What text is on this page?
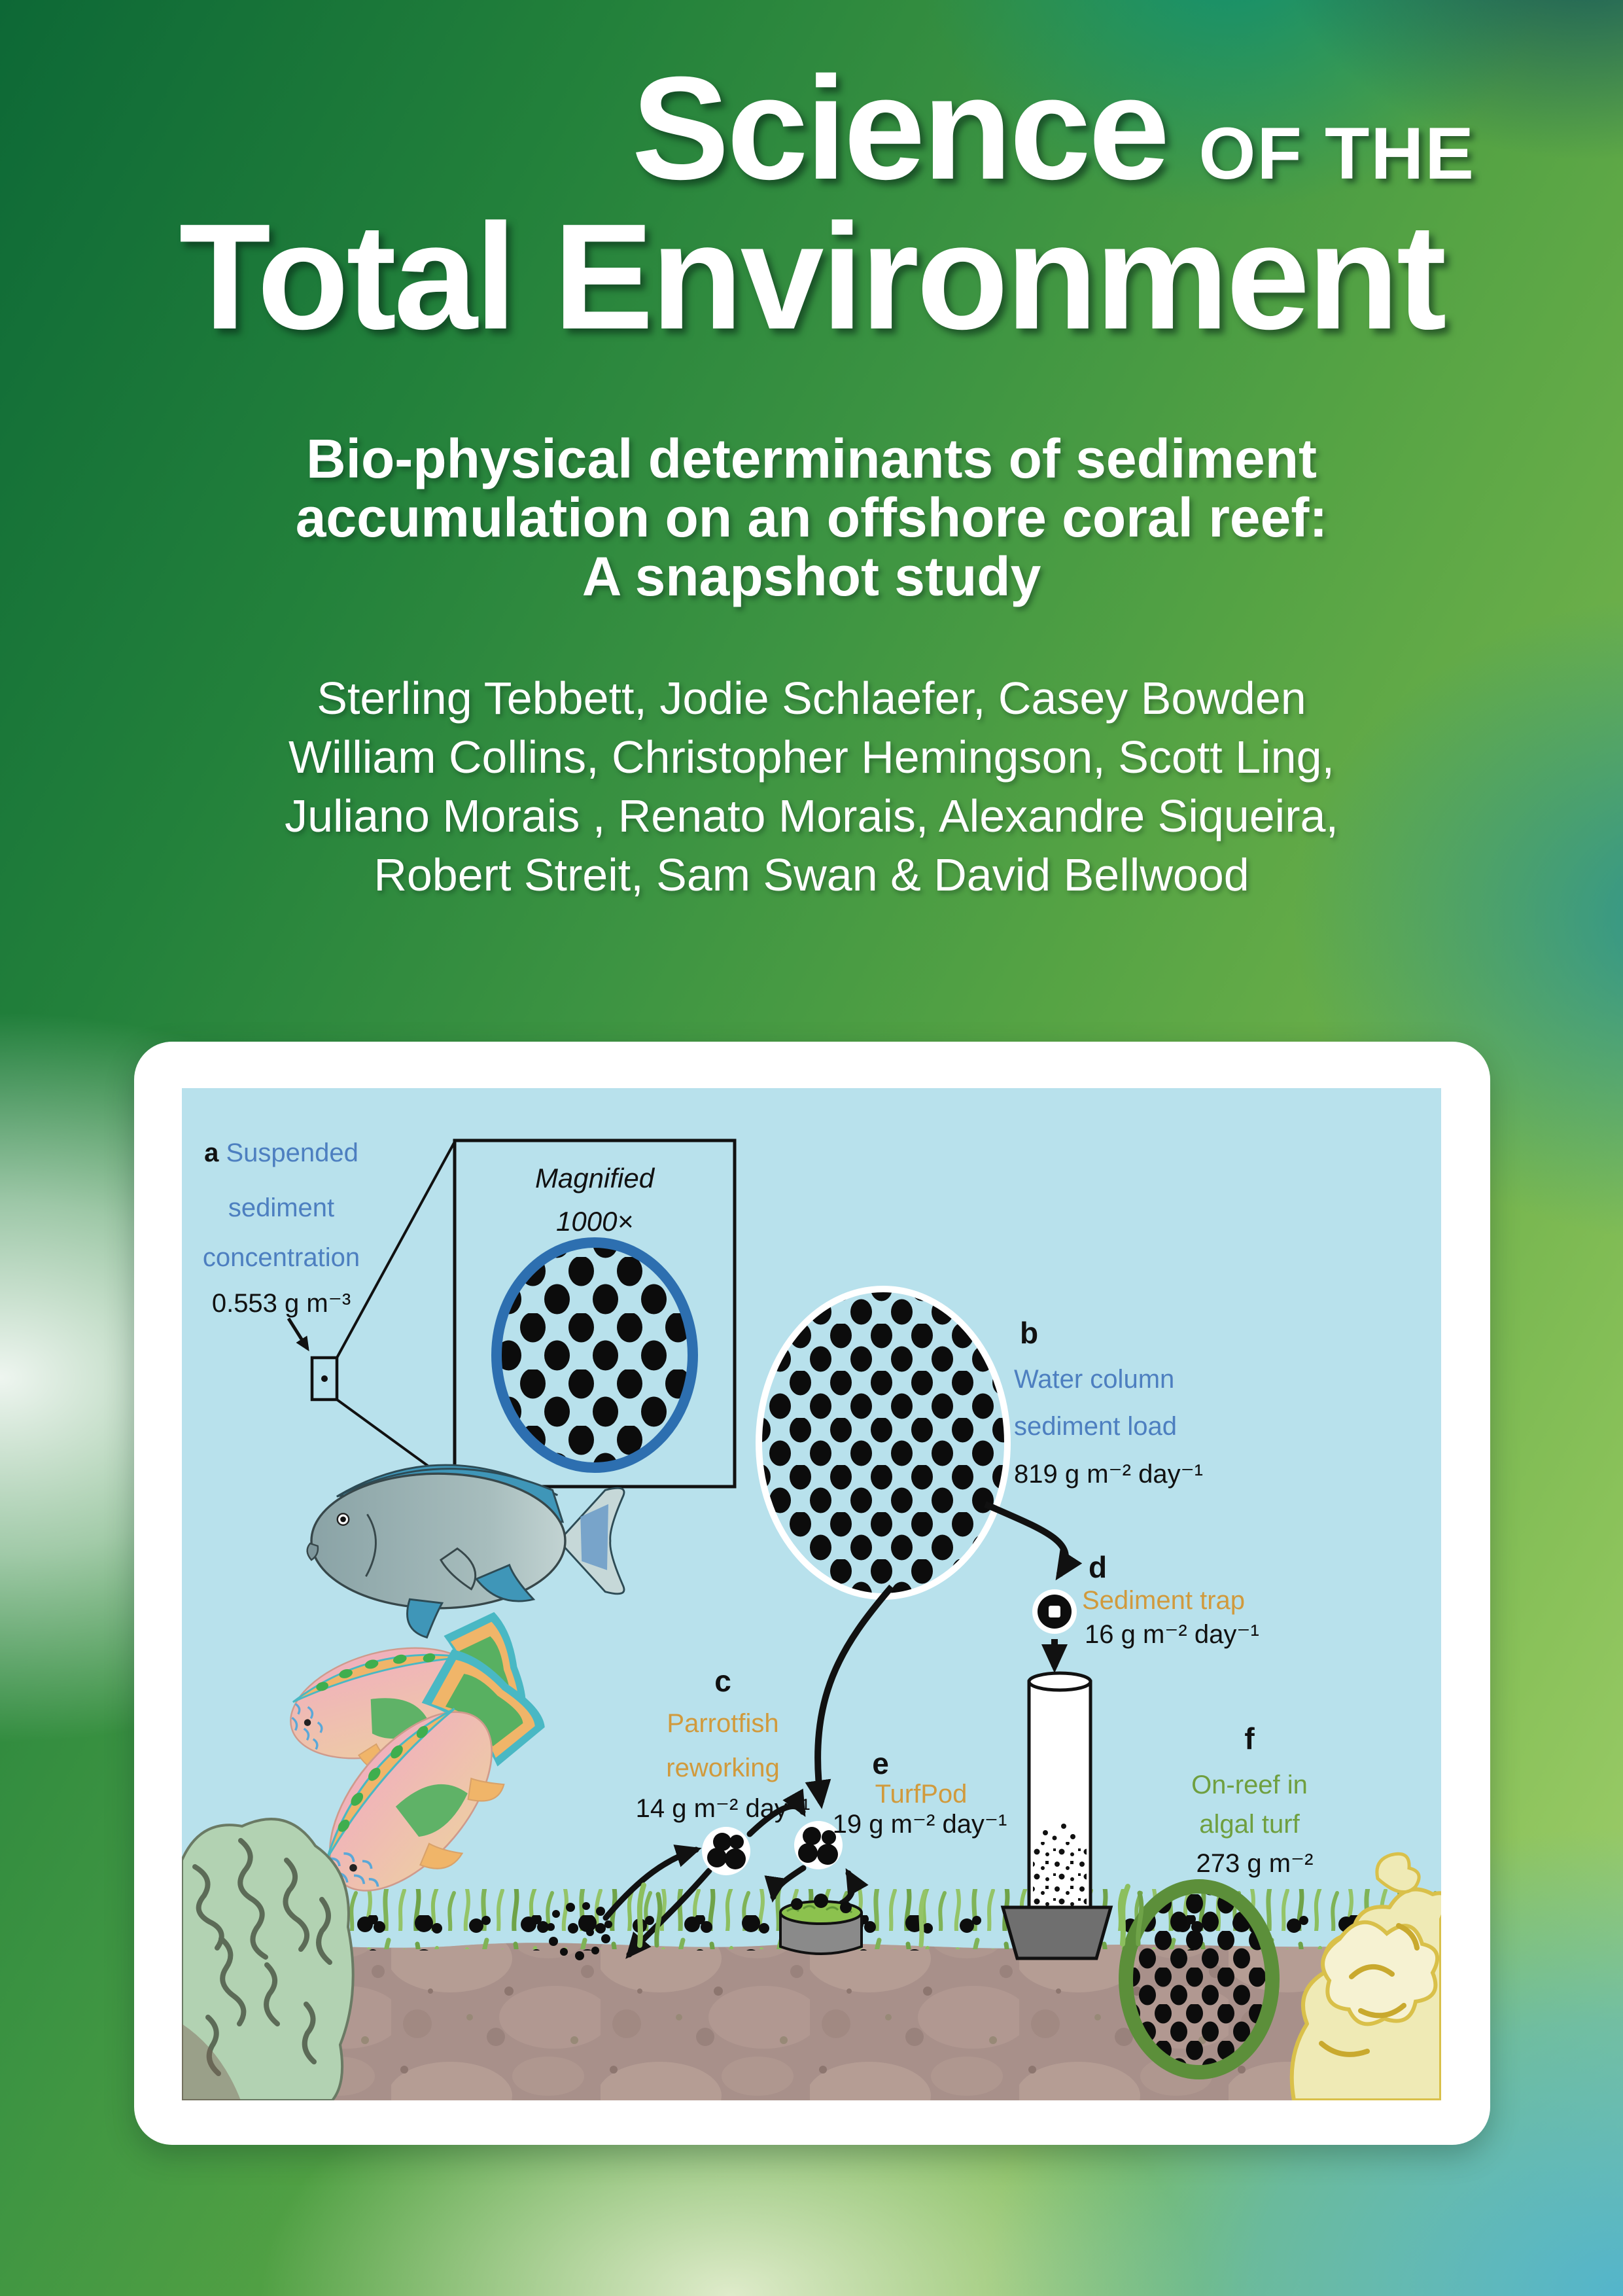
Science OF THE
Total Environment
Bio-physical determinants of sediment
accumulation on an offshore coral reef:
A snapshot study
Sterling Tebbett, Jodie Schlaefer, Casey Bowden
William Collins, Christopher Hemingson, Scott Ling,
Juliano Morais , Renato Morais, Alexandre Siqueira,
Robert Streit, Sam Swan & David Bellwood
a Suspended
sediment
concentration
0.553 g m⁻³
Magnified
1000×
b
Water column
sediment load
819 g m⁻² day⁻¹
c
Parrotfish
reworking
14 g m⁻² day⁻¹
e
TurfPod
19 g m⁻² day⁻¹
d
Sediment trap
16 g m⁻² day⁻¹
f
On-reef in
algal turf
273 g m⁻²
